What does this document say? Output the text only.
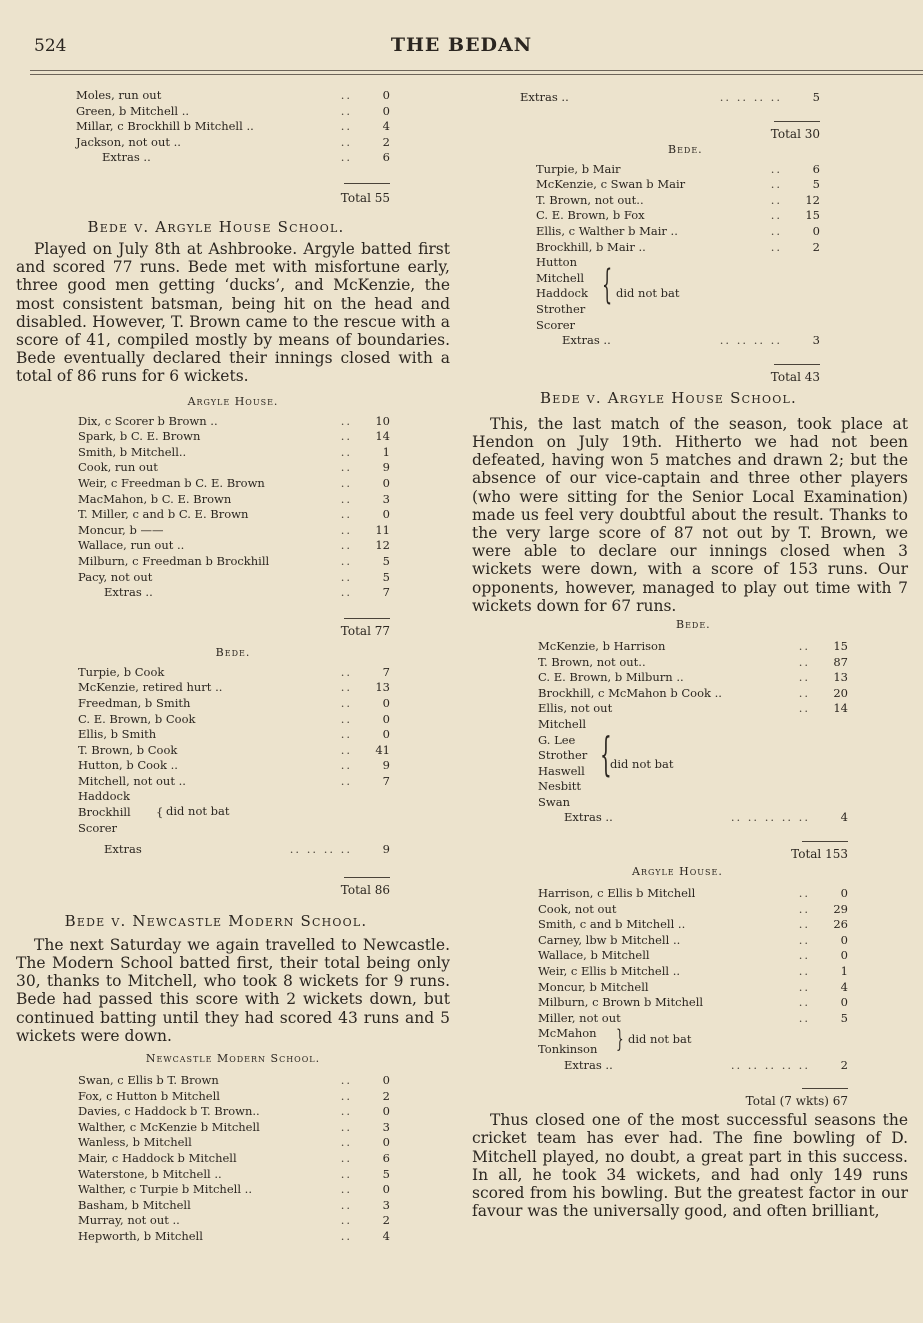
524	THE BEDAN
Moles, run out	..	0
Green, b Mitchell ..	..	0
Millar, c Brockhill b Mitchell ..	..	4
Jackson, not out ..	..	2
Extras ..	..	6
Total 55
Bede v. Argyle House School.
Played on July 8th at Ashbrooke. Argyle batted first and scored 77 runs. Bede met with misfortune early, three good men getting ‘ducks’, and McKenzie, the most consistent batsman, being hit on the head and disabled. However, T. Brown came to the rescue with a score of 41, compiled mostly by means of boundaries. Bede eventually declared their innings closed with a total of 86 runs for 6 wickets.
Argyle House.
Dix, c Scorer b Brown ..	..	10
Spark, b C. E. Brown	..	14
Smith, b Mitchell..	..	1
Cook, run out	..	9
Weir, c Freedman b C. E. Brown	..	0
MacMahon, b C. E. Brown	..	3
T. Miller, c and b C. E. Brown	..	0
Moncur, b ——	..	11
Wallace, run out ..	..	12
Milburn, c Freedman b Brockhill	..	5
Pacy, not out	..	5
Extras ..	..	7
Total 77
Bede.
Turpie, b Cook	..	7
McKenzie, retired hurt ..	..	13
Freedman, b Smith	..	0
C. E. Brown, b Cook	..	0
Ellis, b Smith	..	0
T. Brown, b Cook	..	41
Hutton, b Cook ..	..	9
Mitchell, not out ..	..	7
Haddock
Brockhill
Scorer
{ did not bat
Extras	.. .. .. ..	9
Total 86
Bede v. Newcastle Modern School.
The next Saturday we again travelled to Newcastle. The Modern School batted first, their total being only 30, thanks to Mitchell, who took 8 wickets for 9 runs. Bede had passed this score with 2 wickets down, but continued batting until they had scored 43 runs and 5 wickets were down.
Newcastle Modern School.
Swan, c Ellis b T. Brown	..	0
Fox, c Hutton b Mitchell	..	2
Davies, c Haddock b T. Brown..	..	0
Walther, c McKenzie b Mitchell	..	3
Wanless, b Mitchell	..	0
Mair, c Haddock b Mitchell	..	6
Waterstone, b Mitchell ..	..	5
Walther, c Turpie b Mitchell ..	..	0
Basham, b Mitchell	..	3
Murray, not out ..	..	2
Hepworth, b Mitchell	..	4
Extras ..	.. .. .. ..	5
Total 30
Bede.
Turpie, b Mair	..	6
McKenzie, c Swan b Mair	..	5
T. Brown, not out..	..	12
C. E. Brown, b Fox	..	15
Ellis, c Walther b Mair ..	..	0
Brockhill, b Mair ..	..	2
Hutton
Mitchell
Haddock
Strother
Scorer
{ did not bat
Extras ..	.. .. .. ..	3
Total 43
Bede v. Argyle House School.
This, the last match of the season, took place at Hendon on July 19th. Hitherto we had not been defeated, having won 5 matches and drawn 2; but the absence of our vice-captain and three other players (who were sitting for the Senior Local Examination) made us feel very doubtful about the result. Thanks to the very large score of 87 not out by T. Brown, we were able to declare our innings closed when 3 wickets were down, with a score of 153 runs. Our opponents, however, managed to play out time with 7 wickets down for 67 runs.
Bede.
McKenzie, b Harrison	..	15
T. Brown, not out..	..	87
C. E. Brown, b Milburn ..	..	13
Brockhill, c McMahon b Cook ..	..	20
Ellis, not out	..	14
Mitchell
G. Lee
Strother
Haswell
Nesbitt
Swan
{
did not bat
Extras ..	.. .. .. .. ..	4
Total 153
Argyle House.
Harrison, c Ellis b Mitchell	..	0
Cook, not out	..	29
Smith, c and b Mitchell ..	..	26
Carney, lbw b Mitchell ..	..	0
Wallace, b Mitchell	..	0
Weir, c Ellis b Mitchell ..	..	1
Moncur, b Mitchell	..	4
Milburn, c Brown b Mitchell	..	0
Miller, not out	..	5
McMahon
Tonkinson } did not bat
Extras ..	.. .. .. .. ..	2
Total (7 wkts) 67
Thus closed one of the most successful seasons the cricket team has ever had. The fine bowling of D. Mitchell played, no doubt, a great part in this success. In all, he took 34 wickets, and had only 149 runs scored from his bowling. But the greatest factor in our favour was the universally good, and often brilliant,
